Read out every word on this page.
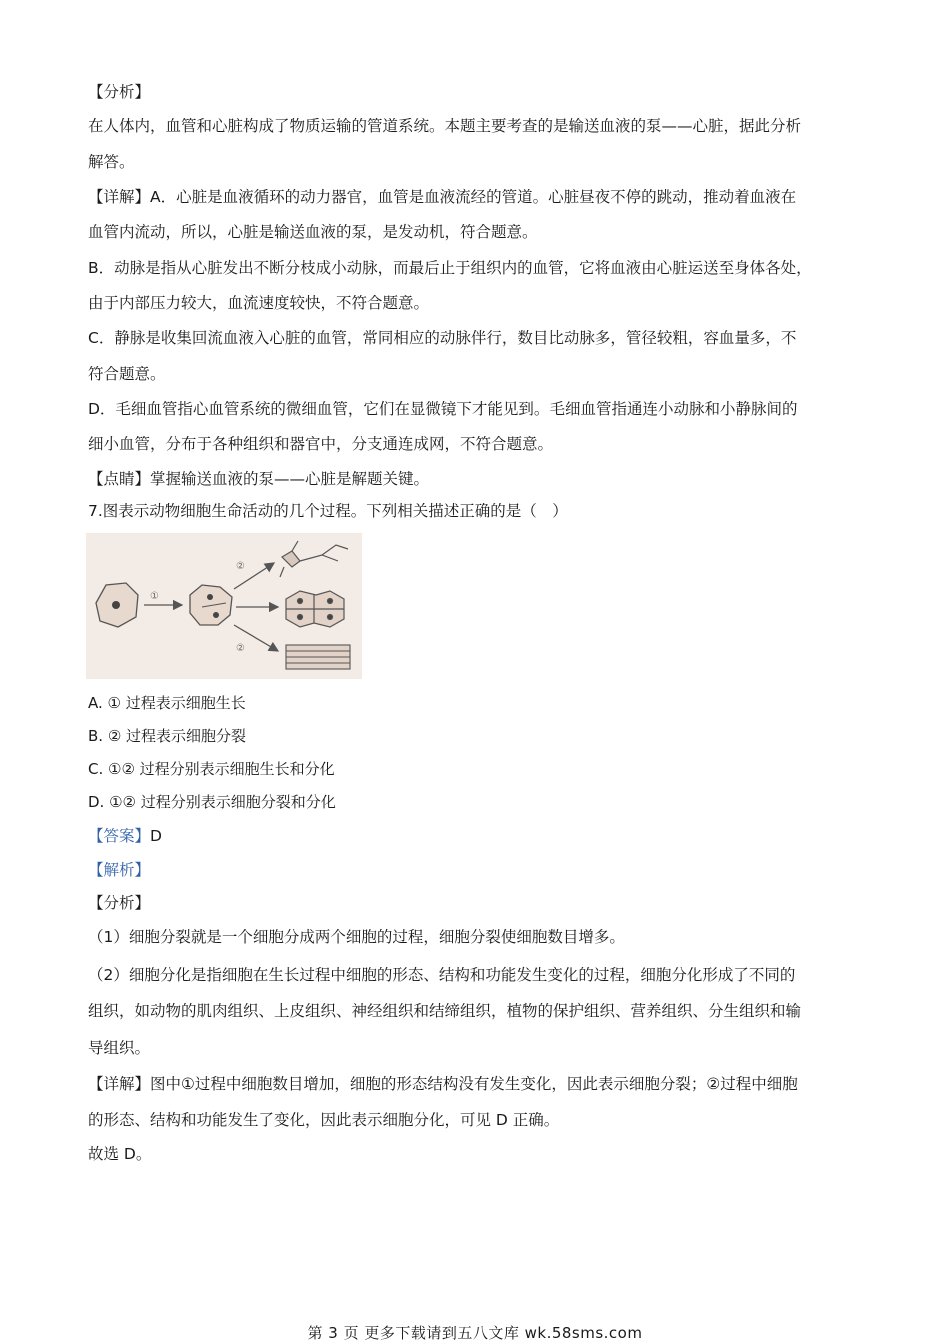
【分析】
在人体内，血管和心脏构成了物质运输的管道系统。本题主要考查的是输送血液的泵——心脏，据此分析
解答。
【详解】A．心脏是血液循环的动力器官，血管是血液流经的管道。心脏昼夜不停的跳动，推动着血液在
血管内流动，所以，心脏是输送血液的泵，是发动机，符合题意。
B．动脉是指从心脏发出不断分枝成小动脉，而最后止于组织内的血管，它将血液由心脏运送至身体各处，
由于内部压力较大，血流速度较快，不符合题意。
C．静脉是收集回流血液入心脏的血管，常同相应的动脉伴行，数目比动脉多，管径较粗，容血量多，不
符合题意。
D．毛细血管指心血管系统的微细血管，它们在显微镜下才能见到。毛细血管指通连小动脉和小静脉间的
细小血管，分布于各种组织和器官中，分支通连成网，不符合题意。
【点睛】掌握输送血液的泵——心脏是解题关键。
7.图表示动物细胞生命活动的几个过程。下列相关描述正确的是（　）
①
②
②
A. ① 过程表示细胞生长
B. ② 过程表示细胞分裂
C. ①② 过程分别表示细胞生长和分化
D. ①② 过程分别表示细胞分裂和分化
【答案】D
【解析】
【分析】
（1）细胞分裂就是一个细胞分成两个细胞的过程，细胞分裂使细胞数目增多。
（2）细胞分化是指细胞在生长过程中细胞的形态、结构和功能发生变化的过程，细胞分化形成了不同的
组织，如动物的肌肉组织、上皮组织、神经组织和结缔组织，植物的保护组织、营养组织、分生组织和输
导组织。
【详解】图中①过程中细胞数目增加，细胞的形态结构没有发生变化，因此表示细胞分裂；②过程中细胞
的形态、结构和功能发生了变化，因此表示细胞分化，可见 D 正确。
故选 D。
第 3 页 更多下载请到五八文库 wk.58sms.com
